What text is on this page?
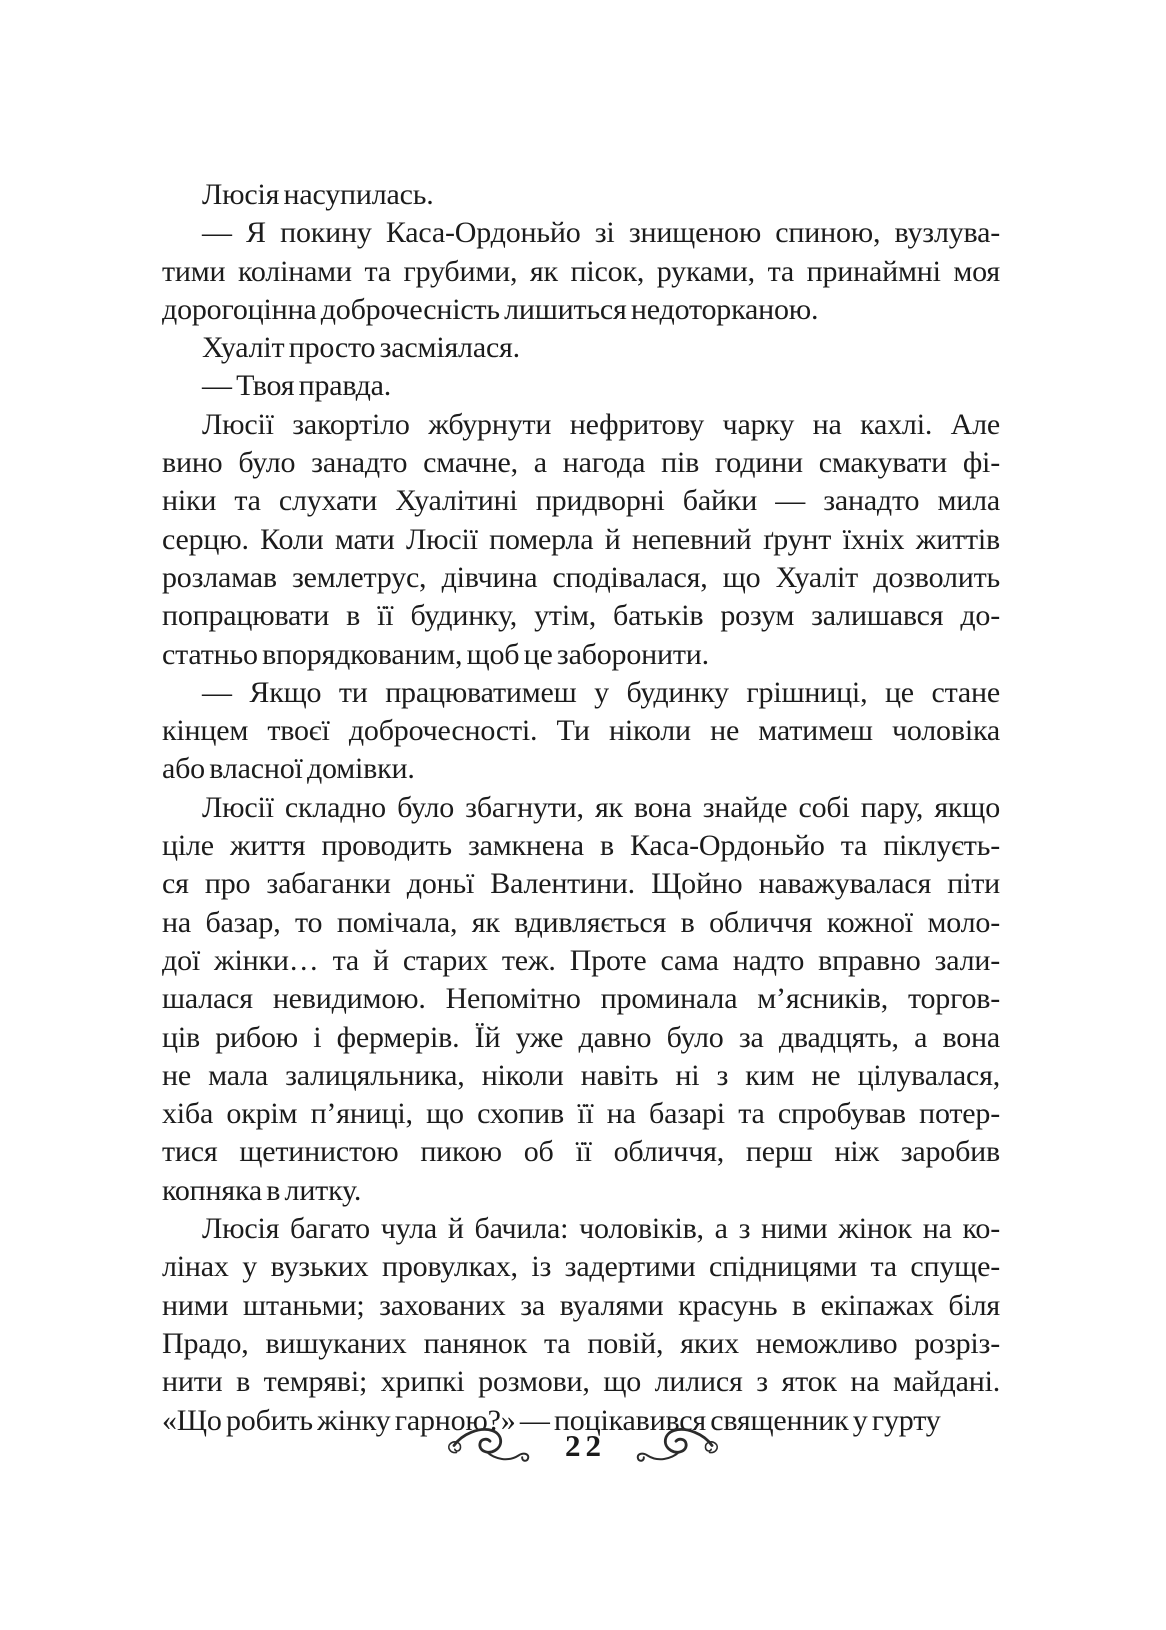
Люсія насупилась.

— Я покину Каса-Ордоньйо зі знищеною спиною, вузлува-
тими колінами та грубими, як пісок, руками, та принаймні моя
дорогоцінна доброчесність лишиться недоторканою.

Хуаліт просто засміялася.

— Твоя правда.

Люсії закортіло жбурнути нефритову чарку на кахлі. Але
вино було занадто смачне, а нагода пів години смакувати фі-
ніки та слухати Хуалітині придворні байки — занадто мила
серцю. Коли мати Люсії померла й непевний ґрунт їхніх життів
розламав землетрус, дівчина сподівалася, що Хуаліт дозволить
попрацювати в її будинку, утім, батьків розум залишався до-
статньо впорядкованим, щоб це заборонити.

— Якщо ти працюватимеш у будинку грішниці, це стане
кінцем твоєї доброчесності. Ти ніколи не матимеш чоловіка
або власної домівки.

Люсії складно було збагнути, як вона знайде собі пару, якщо
ціле життя проводить замкнена в Каса-Ордоньйо та піклуєть-
ся про забаганки доньї Валентини. Щойно наважувалася піти
на базар, то помічала, як вдивляється в обличчя кожної моло-
дої жінки… та й старих теж. Проте сама надто вправно зали-
шалася невидимою. Непомітно проминала м’ясників, торгов-
ців рибою і фермерів. Їй уже давно було за двадцять, а вона
не мала залицяльника, ніколи навіть ні з ким не цілувалася,
хіба окрім п’яниці, що схопив її на базарі та спробував потер-
тися щетинистою пикою об її обличчя, перш ніж заробив
копняка в литку.

Люсія багато чула й бачила: чоловіків, а з ними жінок на ко-
лінах у вузьких провулках, із задертими спідницями та спуще-
ними штаньми; захованих за вуалями красунь в екіпажах біля
Прадо, вишуканих панянок та повій, яких неможливо розріз-
нити в темряві; хрипкі розмови, що лилися з яток на майдані.
«Що робить жінку гарною?» — поцікавився священник у гурту

22
